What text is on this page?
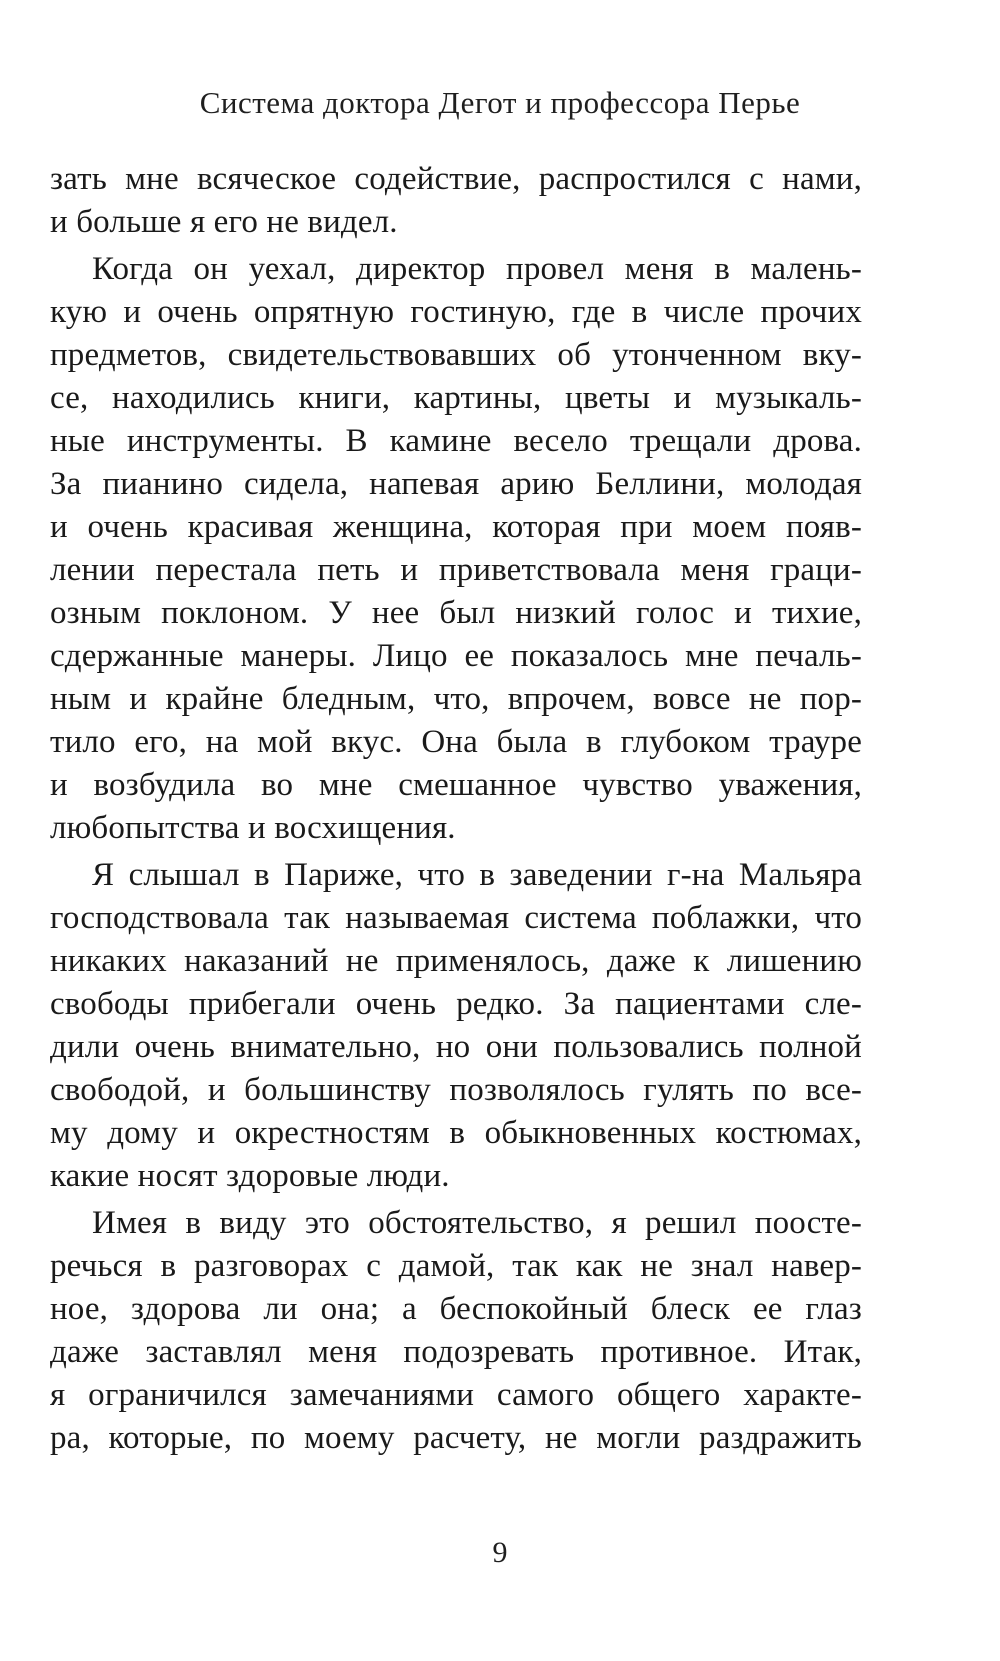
Система доктора Дегот и профессора Перье
зать мне всяческое содействие, распростился с нами,
и больше я его не видел.
Когда он уехал, директор провел меня в малень-
кую и очень опрятную гостиную, где в числе прочих
предметов, свидетельствовавших об утонченном вку-
се, находились книги, картины, цветы и музыкаль-
ные инструменты. В камине весело трещали дрова.
За пианино сидела, напевая арию Беллини, молодая
и очень красивая женщина, которая при моем появ-
лении перестала петь и приветствовала меня граци-
озным поклоном. У нее был низкий голос и тихие,
сдержанные манеры. Лицо ее показалось мне печаль-
ным и крайне бледным, что, впрочем, вовсе не пор-
тило его, на мой вкус. Она была в глубоком трауре
и возбудила во мне смешанное чувство уважения,
любопытства и восхищения.
Я слышал в Париже, что в заведении г-на Мальяра
господствовала так называемая система поблажки, что
никаких наказаний не применялось, даже к лишению
свободы прибегали очень редко. За пациентами сле-
дили очень внимательно, но они пользовались полной
свободой, и большинству позволялось гулять по все-
му дому и окрестностям в обыкновенных костюмах,
какие носят здоровые люди.
Имея в виду это обстоятельство, я решил поосте-
речься в разговорах с дамой, так как не знал навер-
ное, здорова ли она; а беспокойный блеск ее глаз
даже заставлял меня подозревать противное. Итак,
я ограничился замечаниями самого общего характе-
ра, которые, по моему расчету, не могли раздражить
9
